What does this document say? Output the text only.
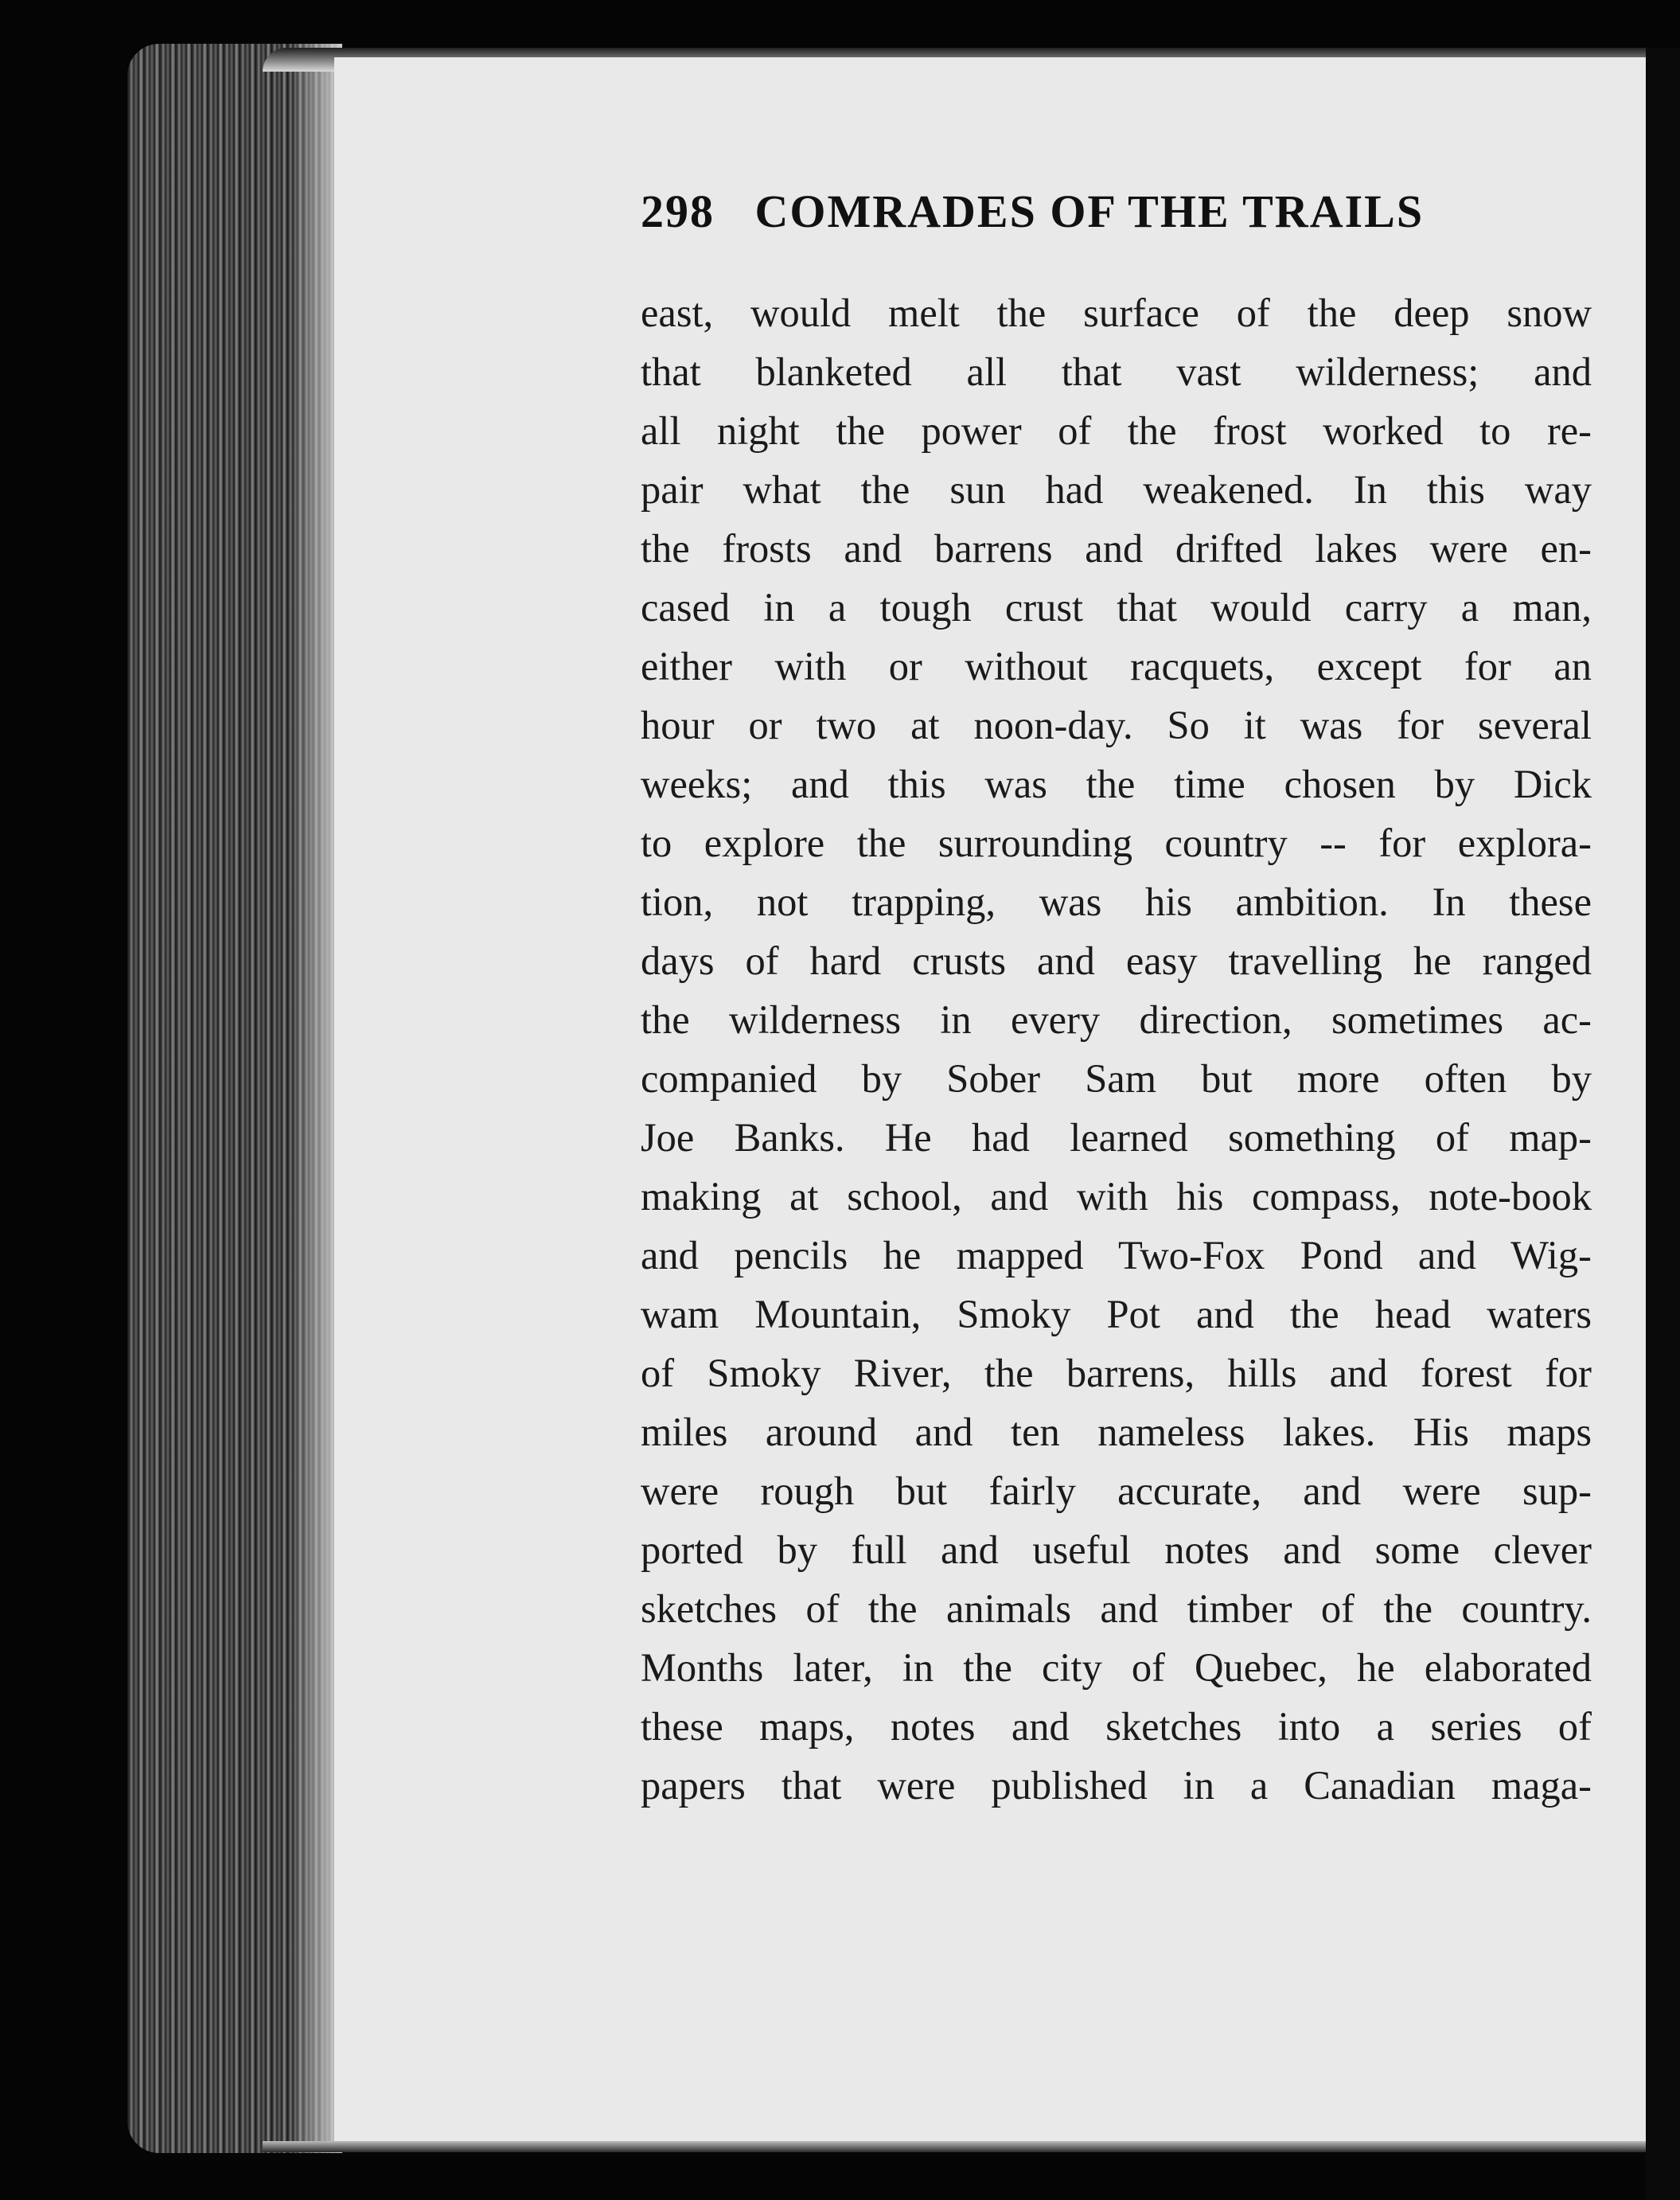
298 COMRADES OF THE TRAILS
east, would melt the surface of the deep snow
that blanketed all that vast wilderness; and
all night the power of the frost worked to re-
pair what the sun had weakened. In this way
the frosts and barrens and drifted lakes were en-
cased in a tough crust that would carry a man,
either with or without racquets, except for an
hour or two at noon-day. So it was for several
weeks; and this was the time chosen by Dick
to explore the surrounding country -- for explora-
tion, not trapping, was his ambition. In these
days of hard crusts and easy travelling he ranged
the wilderness in every direction, sometimes ac-
companied by Sober Sam but more often by
Joe Banks. He had learned something of map-
making at school, and with his compass, note-book
and pencils he mapped Two-Fox Pond and Wig-
wam Mountain, Smoky Pot and the head waters
of Smoky River, the barrens, hills and forest for
miles around and ten nameless lakes. His maps
were rough but fairly accurate, and were sup-
ported by full and useful notes and some clever
sketches of the animals and timber of the country.
Months later, in the city of Quebec, he elaborated
these maps, notes and sketches into a series of
papers that were published in a Canadian maga-
